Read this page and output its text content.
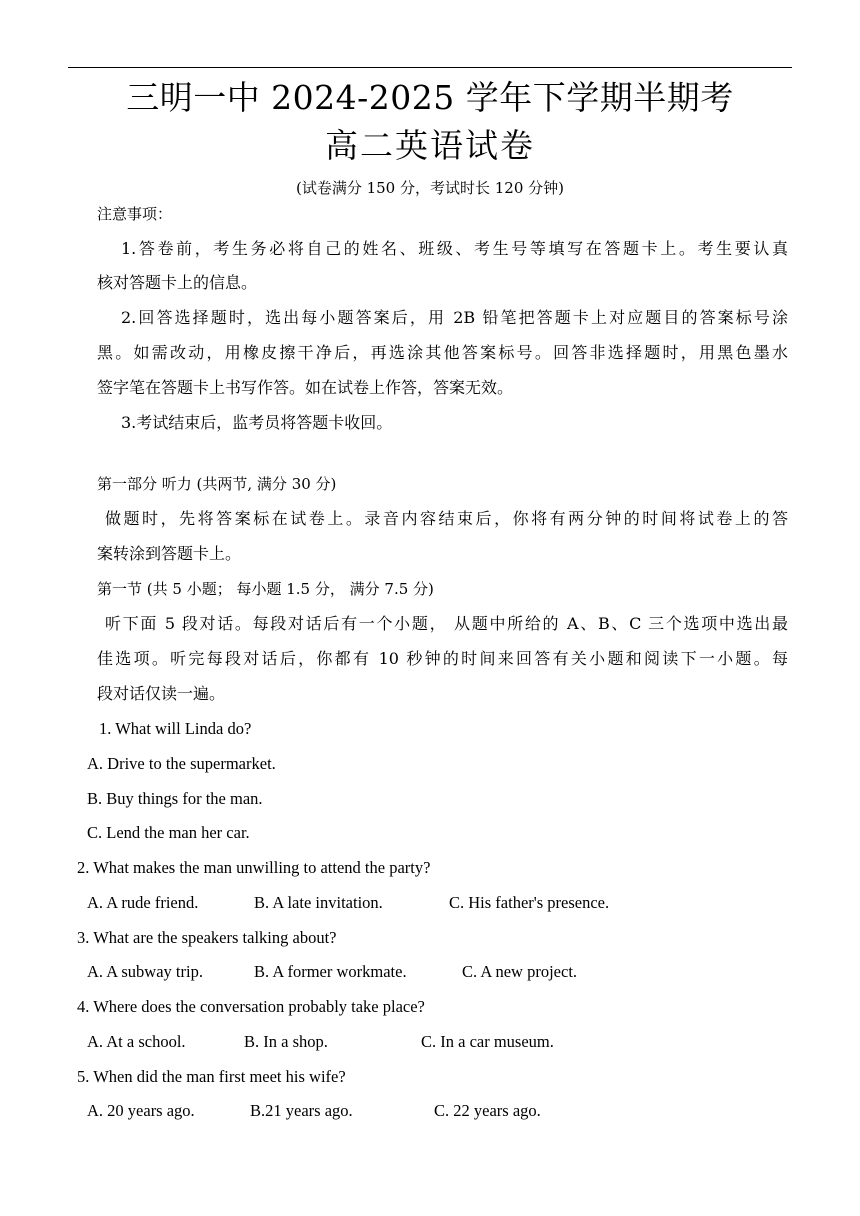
三明一中 2024-2025 学年下学期半期考
高二英语试卷
(试卷满分 150 分，考试时长 120 分钟)
注意事项：
1.答卷前，考生务必将自己的姓名、班级、考生号等填写在答题卡上。考生要认真
核对答题卡上的信息。
2.回答选择题时，选出每小题答案后，用 2B 铅笔把答题卡上对应题目的答案标号涂
黑。如需改动，用橡皮擦干净后，再选涂其他答案标号。回答非选择题时，用黑色墨水
签字笔在答题卡上书写作答。如在试卷上作答，答案无效。
3.考试结束后，监考员将答题卡收回。
第一部分 听力 (共两节, 满分 30 分)
做题时，先将答案标在试卷上。录音内容结束后，你将有两分钟的时间将试卷上的答
案转涂到答题卡上。
第一节 (共 5 小题； 每小题 1.5 分， 满分 7.5 分)
听下面 5 段对话。每段对话后有一个小题， 从题中所给的 A、B、C 三个选项中选出最
佳选项。听完每段对话后，你都有 10 秒钟的时间来回答有关小题和阅读下一小题。每
段对话仅读一遍。
1. What will Linda do?
A. Drive to the supermarket.
B. Buy things for the man.
C. Lend the man her car.
2. What makes the man unwilling to attend the party?
A. A rude friend.	B. A late invitation.	C. His father's presence.
3. What are the speakers talking about?
A. A subway trip.	B. A former workmate.	C. A new project.
4. Where does the conversation probably take place?
A. At a school.	B. In a shop.	C. In a car museum.
5. When did the man first meet his wife?
A. 20 years ago.	B.21 years ago.	C. 22 years ago.
